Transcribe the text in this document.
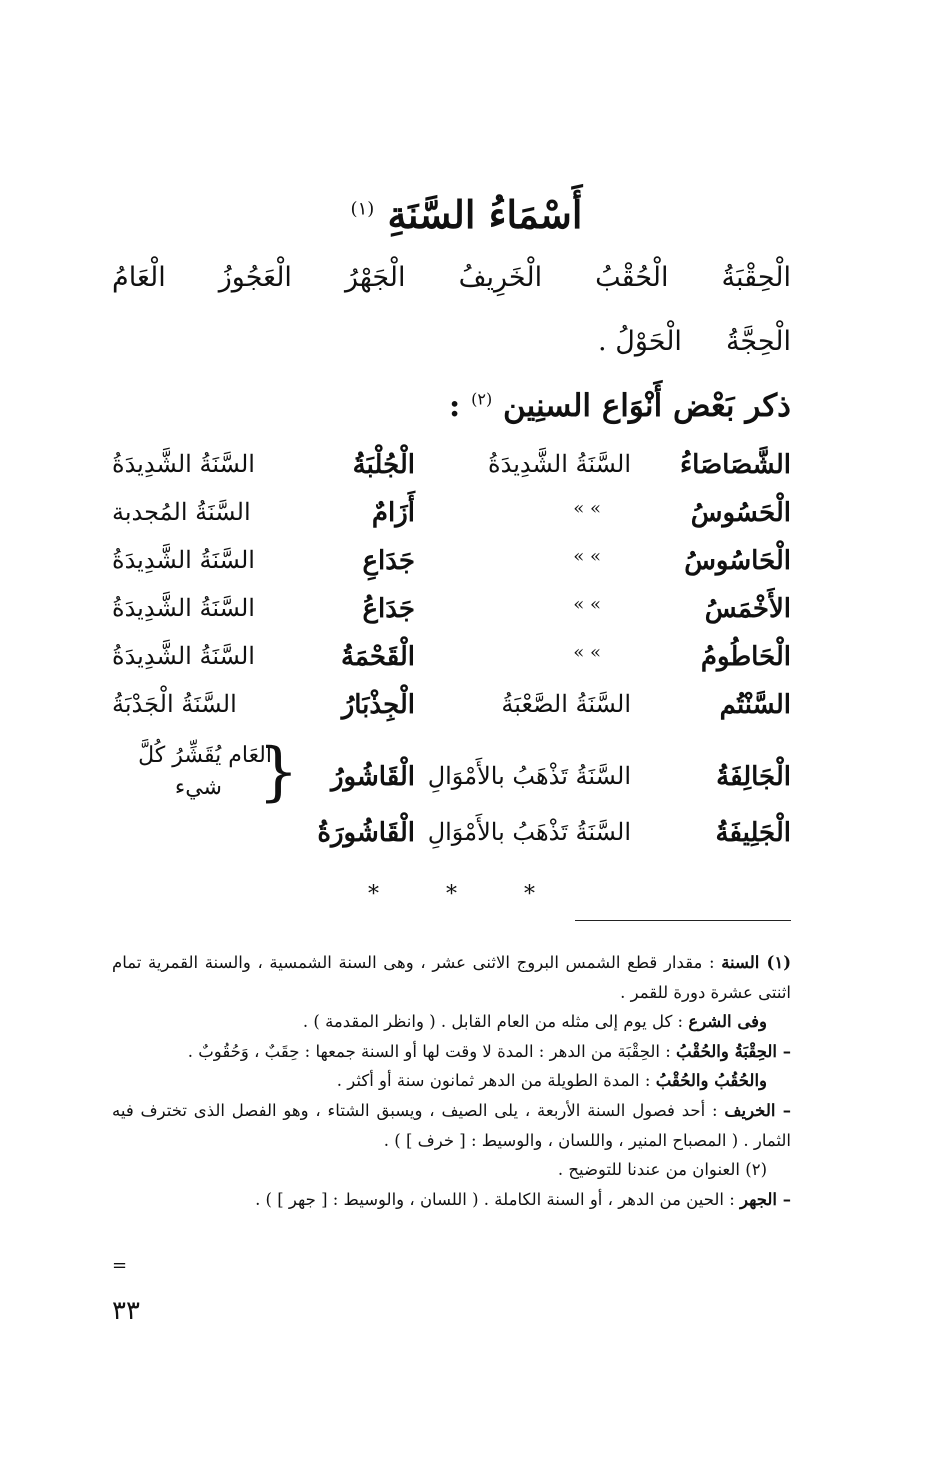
أَسْمَاءُ السَّنَةِ $^{(١)}$
الْحِقْبَةُ
الْحُقْبُ
الْخَرِيفُ
الْجَهْرُ
الْعَجُوزُ
الْعَامُ
الْحِجَّةُ
الْحَوْلُ .
ذكر بَعْض أَنْوَاع السنِين $^{(٢)}$ :
الشَّصَاصَاءُ
السَّنَةُ الشَّدِيدَةُ
الْجُلْبَةُ
السَّنَةُ الشَّدِيدَةُ
الْحَسُوسُ
» »
أَزَامٌ
السَّنَةُ المُجدبة
الْحَاسُوسُ
» »
جَدَاعِ
السَّنَةُ الشَّدِيدَةُ
الأَخْمَسُ
» »
جَدَاعُ
السَّنَةُ الشَّدِيدَةُ
الْحَاطُومُ
» »
الْقَحْمَةُ
السَّنَةُ الشَّدِيدَةُ
السَّنْتُم
السَّنَةُ الصَّعْبَةُ
الْجِذْبَارُ
السَّنَةُ الْجَدْبَةُ
الْجَالِفَةُ
السَّنَةُ تَذْهَبُ بالأَمْوَالِ
الْقَاشُورُ
الْجَلِيفَةُ
السَّنَةُ تَذْهَبُ بالأَمْوَالِ
الْقَاشُورَةُ
{
العَام يُقَشِّرُ كُلَّ
شيء
* * *

(١) السنة : مقدار قطع الشمس البروج الاثنى عشر ، وهى السنة الشمسية ، والسنة القمرية تمام اثنتى عشرة دورة للقمر .

وفى الشرع : كل يوم إلى مثله من العام القابل . ( وانظر المقدمة ) .

– الحِقْبَةُ والحُقْبُ : الحِقْبَة من الدهر : المدة لا وقت لها أو السنة جمعها : حِقَبٌ ، وَحُقُوبٌ .

والحُقُبُ والحُقْبُ : المدة الطويلة من الدهر ثمانون سنة أو أكثر .

– الخريف : أحد فصول السنة الأربعة ، يلى الصيف ، ويسبق الشتاء ، وهو الفصل الذى تخترف فيه الثمار . ( المصباح المنير ، واللسان ، والوسيط : [ خرف ] ) .

(٢) العنوان من عندنا للتوضيح .

– الجهر : الحين من الدهر ، أو السنة الكاملة . ( اللسان ، والوسيط : [ جهر ] ) .

=
٣٣
